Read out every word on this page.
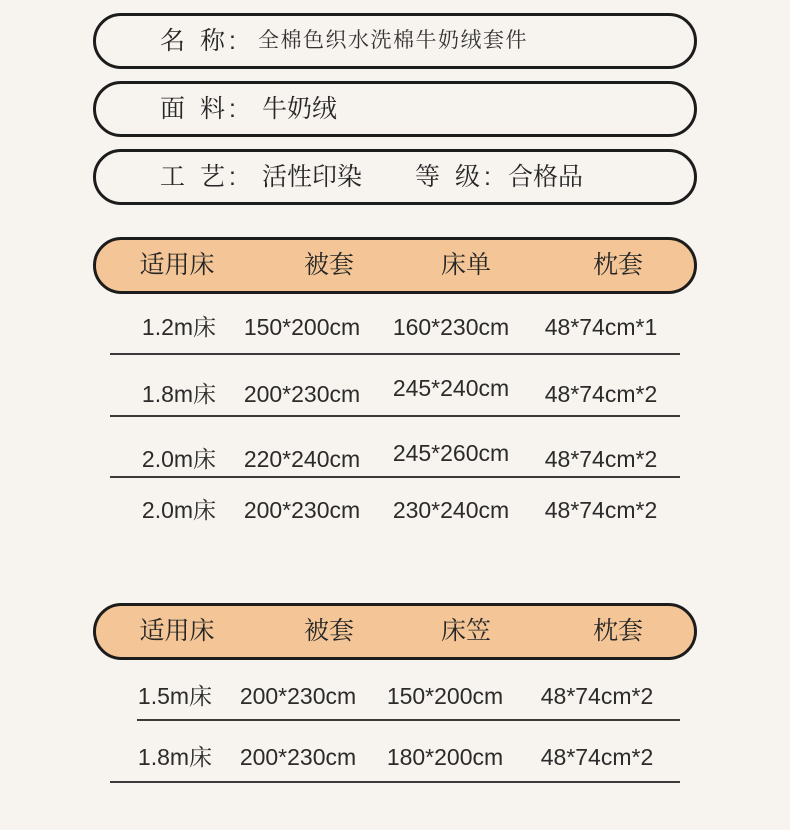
名 称: 全棉色织水洗棉牛奶绒套件
面 料: 牛奶绒
工 艺: 活性印染 等 级: 合格品
适用床	被套	床单	枕套
1.2m床	150*200cm	160*230cm	48*74cm*1
1.8m床	200*230cm	245*240cm	48*74cm*2
2.0m床	220*240cm	245*260cm	48*74cm*2
2.0m床	200*230cm	230*240cm	48*74cm*2
适用床	被套	床笠	枕套
1.5m床	200*230cm	150*200cm	48*74cm*2
1.8m床	200*230cm	180*200cm	48*74cm*2
